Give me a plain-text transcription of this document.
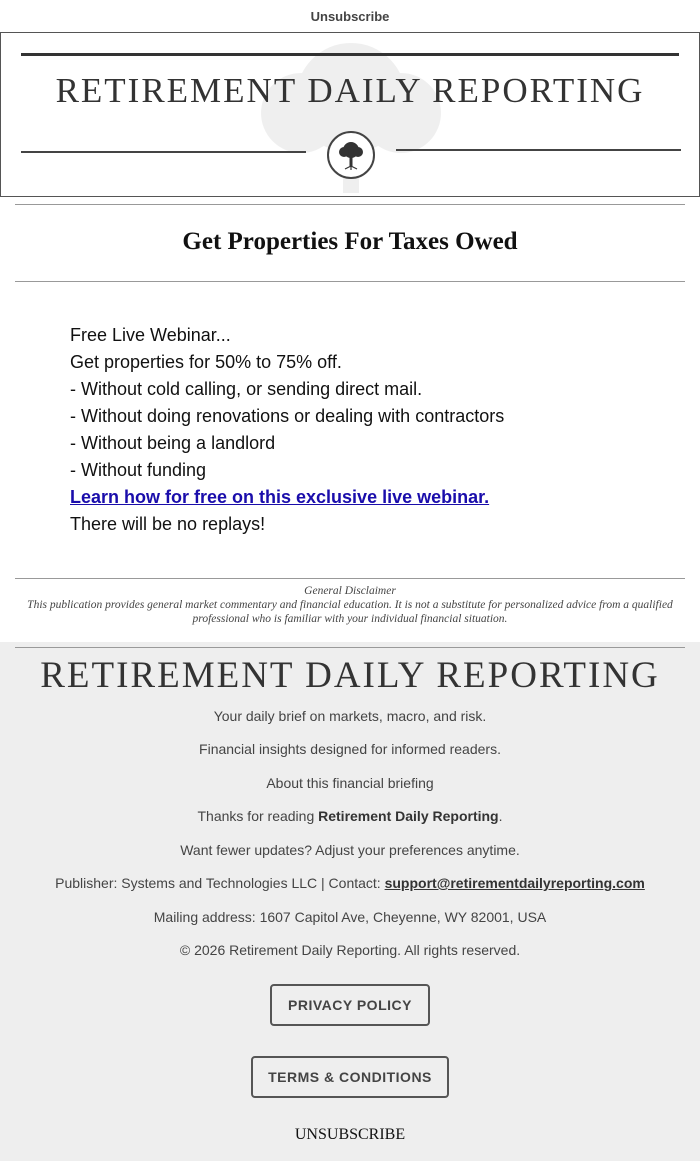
Unsubscribe
RETIREMENT DAILY REPORTING
Get Properties For Taxes Owed
Free Live Webinar...
Get properties for 50% to 75% off.
- Without cold calling, or sending direct mail.
- Without doing renovations or dealing with contractors
- Without being a landlord
- Without funding
Learn how for free on this exclusive live webinar.
There will be no replays!
General Disclaimer
This publication provides general market commentary and financial education. It is not a substitute for personalized advice from a qualified professional who is familiar with your individual financial situation.
RETIREMENT DAILY REPORTING
Your daily brief on markets, macro, and risk.
Financial insights designed for informed readers.
About this financial briefing
Thanks for reading Retirement Daily Reporting.
Want fewer updates? Adjust your preferences anytime.
Publisher: Systems and Technologies LLC | Contact: support@retirementdailyreporting.com
Mailing address: 1607 Capitol Ave, Cheyenne, WY 82001, USA
© 2026 Retirement Daily Reporting. All rights reserved.
PRIVACY POLICY
TERMS & CONDITIONS
UNSUBSCRIBE
